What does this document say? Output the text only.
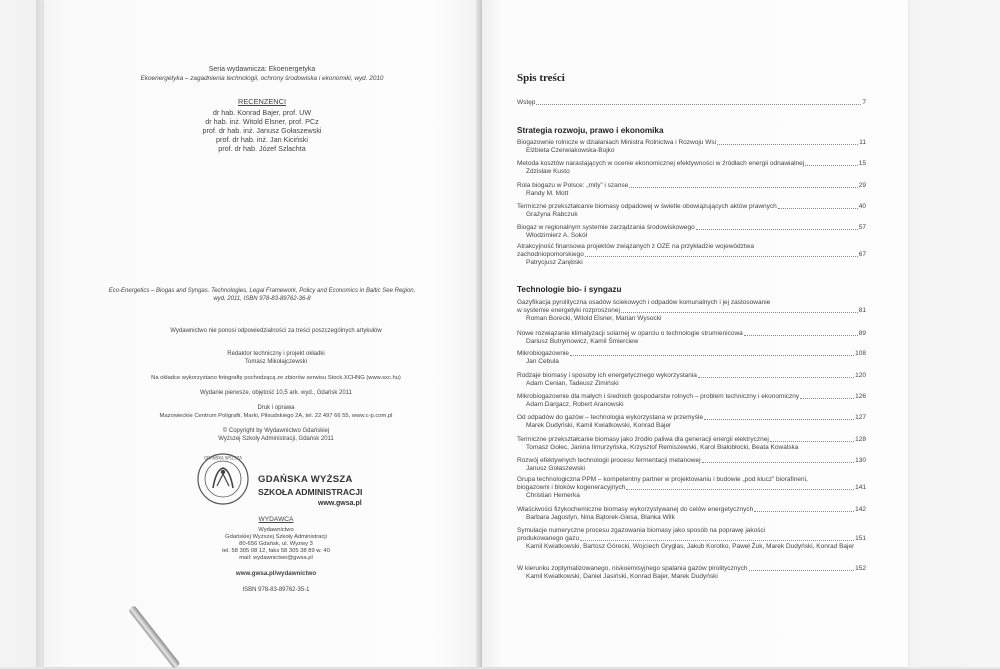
Seria wydawnicza: Ekoenergetyka
Ekoenergetyka – zagadnienia technologii, ochrony środowiska i ekonomiki, wyd. 2010
RECENZENCI
dr hab. Konrad Bajer, prof. UW
dr hab. inż. Witold Elsner, prof. PCz
prof. dr hab. inż. Janusz Gołaszewski
prof. dr hab. inż. Jan Kiciński
prof. dr hab. Józef Szlachta
Eco-Energetics – Biogas and Syngas. Technologies, Legal Framework, Policy and Economics in Baltic See Region,
wyd. 2011, ISBN 978-83-89762-36-8
Wydawnictwo nie ponosi odpowiedzialności za treści poszczególnych artykułów
Redaktor techniczny i projekt okładki
Tomasz Mikołajczewski
Na okładce wykorzystano fotografię pochodzącą ze zbiorów serwisu Stock.XCHNG (www.sxc.hu)
Wydanie pierwsze, objętość 10,5 ark. wyd., Gdańsk 2011
Druk i oprawa
Mazowieckie Centrum Poligrafii, Marki, Piłsudskiego 2A, tel. 22 497 66 55, www.c-p.com.pl
© Copyright by Wydawnictwo Gdańskiej
Wyższej Szkoły Administracji, Gdańsk 2011
GDAŃSKA WYŻSZA
GDAŃSKA WYŻSZA
SZKOŁA ADMINISTRACJI
www.gwsa.pl
WYDAWCA
Wydawnictwo
Gdańskiej Wyższej Szkoły Administracji
80-656 Gdańsk, ul. Wyzwy 3
tel. 58 305 08 12, faks 58 305 38 89 w. 40
mail: wydawnictwo@gwsa.pl
www.gwsa.pl/wydawnictwo
ISBN 978-83-89762-35-1
Spis treści
Wstęp	7
Strategia rozwoju, prawo i ekonomika
Biogazownie rolnicze w działaniach Ministra Rolnictwa i Rozwoju Wsi	11
Elżbieta Czerwiakowska-Bojko
Metoda kosztów narastających w ocenie ekonomicznej efektywności w źródłach energii odnawialnej	15
Zdzisław Kusto
Rola biogazu w Polsce: „mity” i szanse	29
Randy M. Mott
Termiczne przekształcanie biomasy odpadowej w świetle obowiązujących aktów prawnych	40
Grażyna Rabczuk
Biogaz w regionalnym systemie zarządzania środowiskowego	57
Włodzimierz A. Sokół
Atrakcyjność finansowa projektów związanych z OZE na przykładzie województwa
zachodniopomorskiego	67
Patrycjusz Zarębski
Technologie bio- i syngazu
Gazyfikacja pyrolityczna osadów ściekowych i odpadów komunalnych i jej zastosowanie
w systemie energetyki rozproszonej	81
Roman Borecki, Witold Elsner, Marian Wysocki
Nowe rozwiązanie klimatyzacji solarnej w oparciu o technologie strumienicowa	89
Dariusz Butrymowicz, Kamil Śmierciew
Mikrobiogazownie	108
Jan Cebula
Rodzaje biomasy i sposoby ich energetycznego wykorzystania	120
Adam Cenian, Tadeusz Zimiński
Mikrobiogazownie dla małych i średnich gospodarstw rolnych – problem techniczny i ekonomiczny	126
Adam Dargacz, Robert Aranowski
Od odpadów do gazów – technologia wykorzystana w przemyśle	127
Marek Dudyński, Kamil Kwiatkowski, Konrad Bajer
Termiczne przekształcanie biomasy jako źródło paliwa dla generacji energii elektrycznej	128
Tomasz Gołec, Janina Ilmurzyńska, Krzysztof Remiszewski, Karol Białobłocki, Beata Kowalska
Rozwój efektywnych technologii procesu fermentacji metanowej	130
Janusz Gołaszewski
Grupa technologiczna PPM – kompetentny partner w projektowaniu i budowie „pod klucz” biorafinerii,
biogazowni i bloków kogeneracyjnych	141
Christian Hemerka
Właściwości fizykochemiczne biomasy wykorzystywanej do celów energetycznych	142
Barbara Jagustyn, Nina Bątorek-Giesa, Blanka Wilk
Symulacje numeryczne procesu zgazowania biomasy jako sposób na poprawę jakości
produkowanego gazu	151
Kamil Kwiatkowski, Bartosz Górecki, Wojciech Gryglas, Jakub Korotko, Paweł Żuk, Marek Dudyński, Konrad Bajer
W kierunku zoptymalizowanego, niskoemisyjnego spalania gazów pirolitycznych	152
Kamil Kwiatkowski, Daniel Jasiński, Konrad Bajer, Marek Dudyński
